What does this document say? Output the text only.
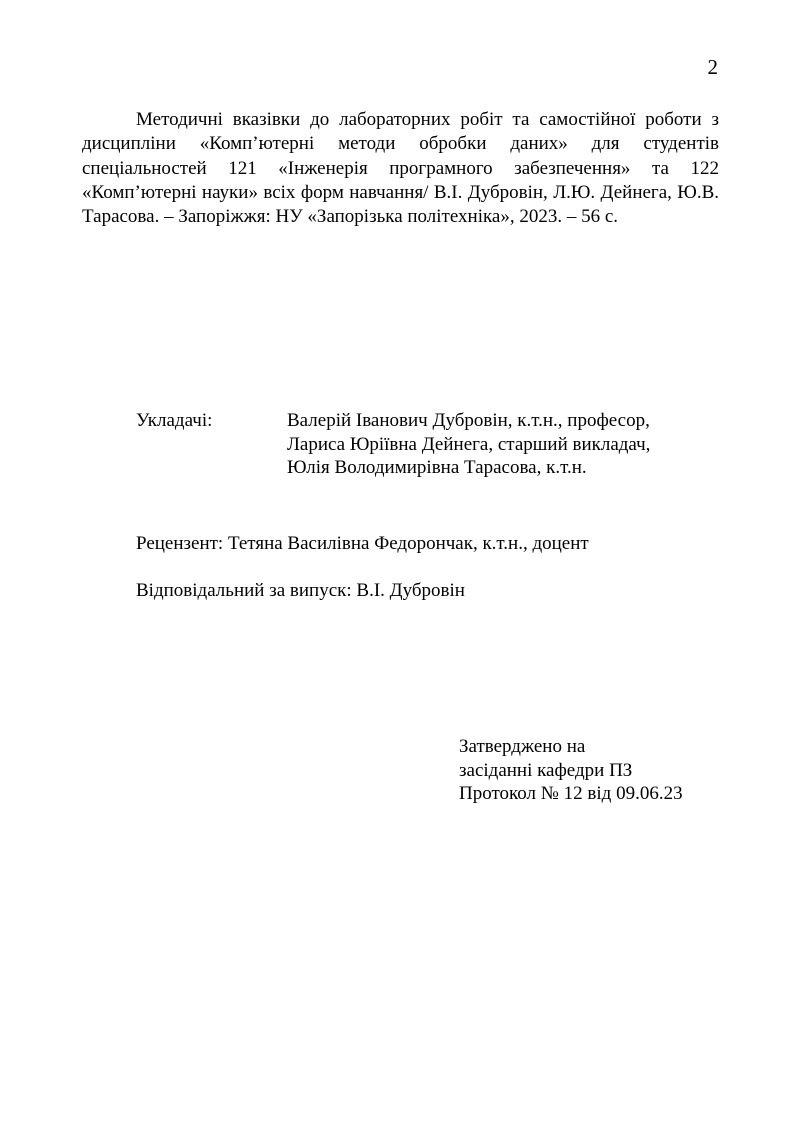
2

Методичні вказівки до лабораторних робіт та самостійної роботи з дисципліни «Комп’ютерні методи обробки даних» для студентів спеціальностей 121 «Інженерія програмного забезпечення» та 122 «Комп’ютерні науки» всіх форм навчання/ В.І. Дубровін, Л.Ю. Дейнега, Ю.В. Тарасова. – Запоріжжя: НУ «Запорізька політехніка», 2023. – 56 с.

Укладачі:	Валерій Іванович Дубровін, к.т.н., професор,
Лариса Юріївна Дейнега, старший викладач,
Юлія Володимирівна Тарасова, к.т.н.
Рецензент: Тетяна Василівна Федорончак, к.т.н., доцент
Відповідальний за випуск: В.І. Дубровін
Затверджено на
засіданні кафедри ПЗ
Протокол № 12 від 09.06.23
